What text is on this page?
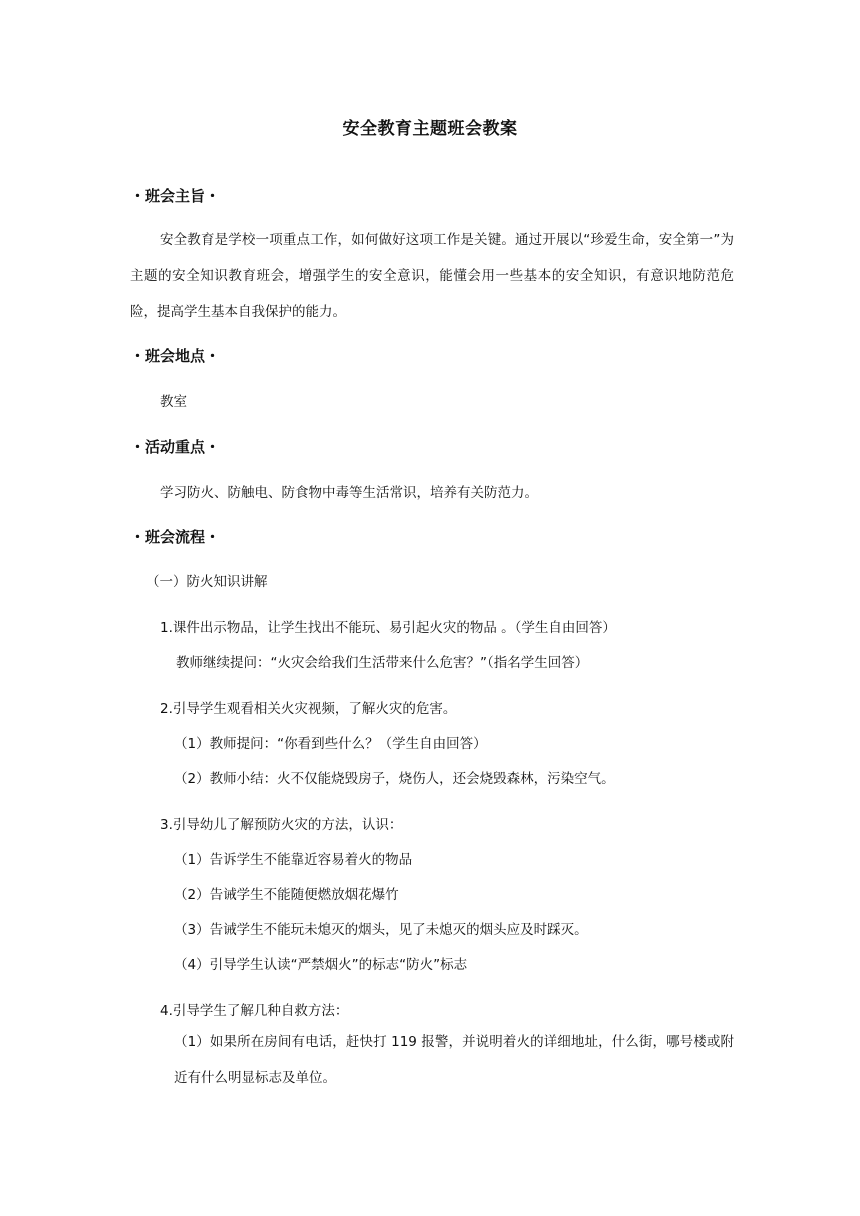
安全教育主题班会教案
・班会主旨・
安全教育是学校一项重点工作，如何做好这项工作是关键。通过开展以“珍爱生命，安全第一”为主题的安全知识教育班会，增强学生的安全意识，能懂会用一些基本的安全知识，有意识地防范危险，提高学生基本自我保护的能力。
・班会地点・
教室
・活动重点・
学习防火、防触电、防食物中毒等生活常识，培养有关防范力。
・班会流程・
（一）防火知识讲解
1.课件出示物品，让学生找出不能玩、易引起火灾的物品 。（学生自由回答）
教师继续提问：“火灾会给我们生活带来什么危害？”（指名学生回答）
2.引导学生观看相关火灾视频，了解火灾的危害。
（1）教师提问：“你看到些什么？（学生自由回答）
（2）教师小结：火不仅能烧毁房子，烧伤人，还会烧毁森林，污染空气。
3.引导幼儿了解预防火灾的方法，认识：
（1）告诉学生不能靠近容易着火的物品
（2）告诫学生不能随便燃放烟花爆竹
（3）告诫学生不能玩未熄灭的烟头，见了未熄灭的烟头应及时踩灭。
（4）引导学生认读“严禁烟火”的标志“防火”标志
4.引导学生了解几种自救方法：
（1）如果所在房间有电话，赶快打 119 报警，并说明着火的详细地址，什么街，哪号楼或附近有什么明显标志及单位。
